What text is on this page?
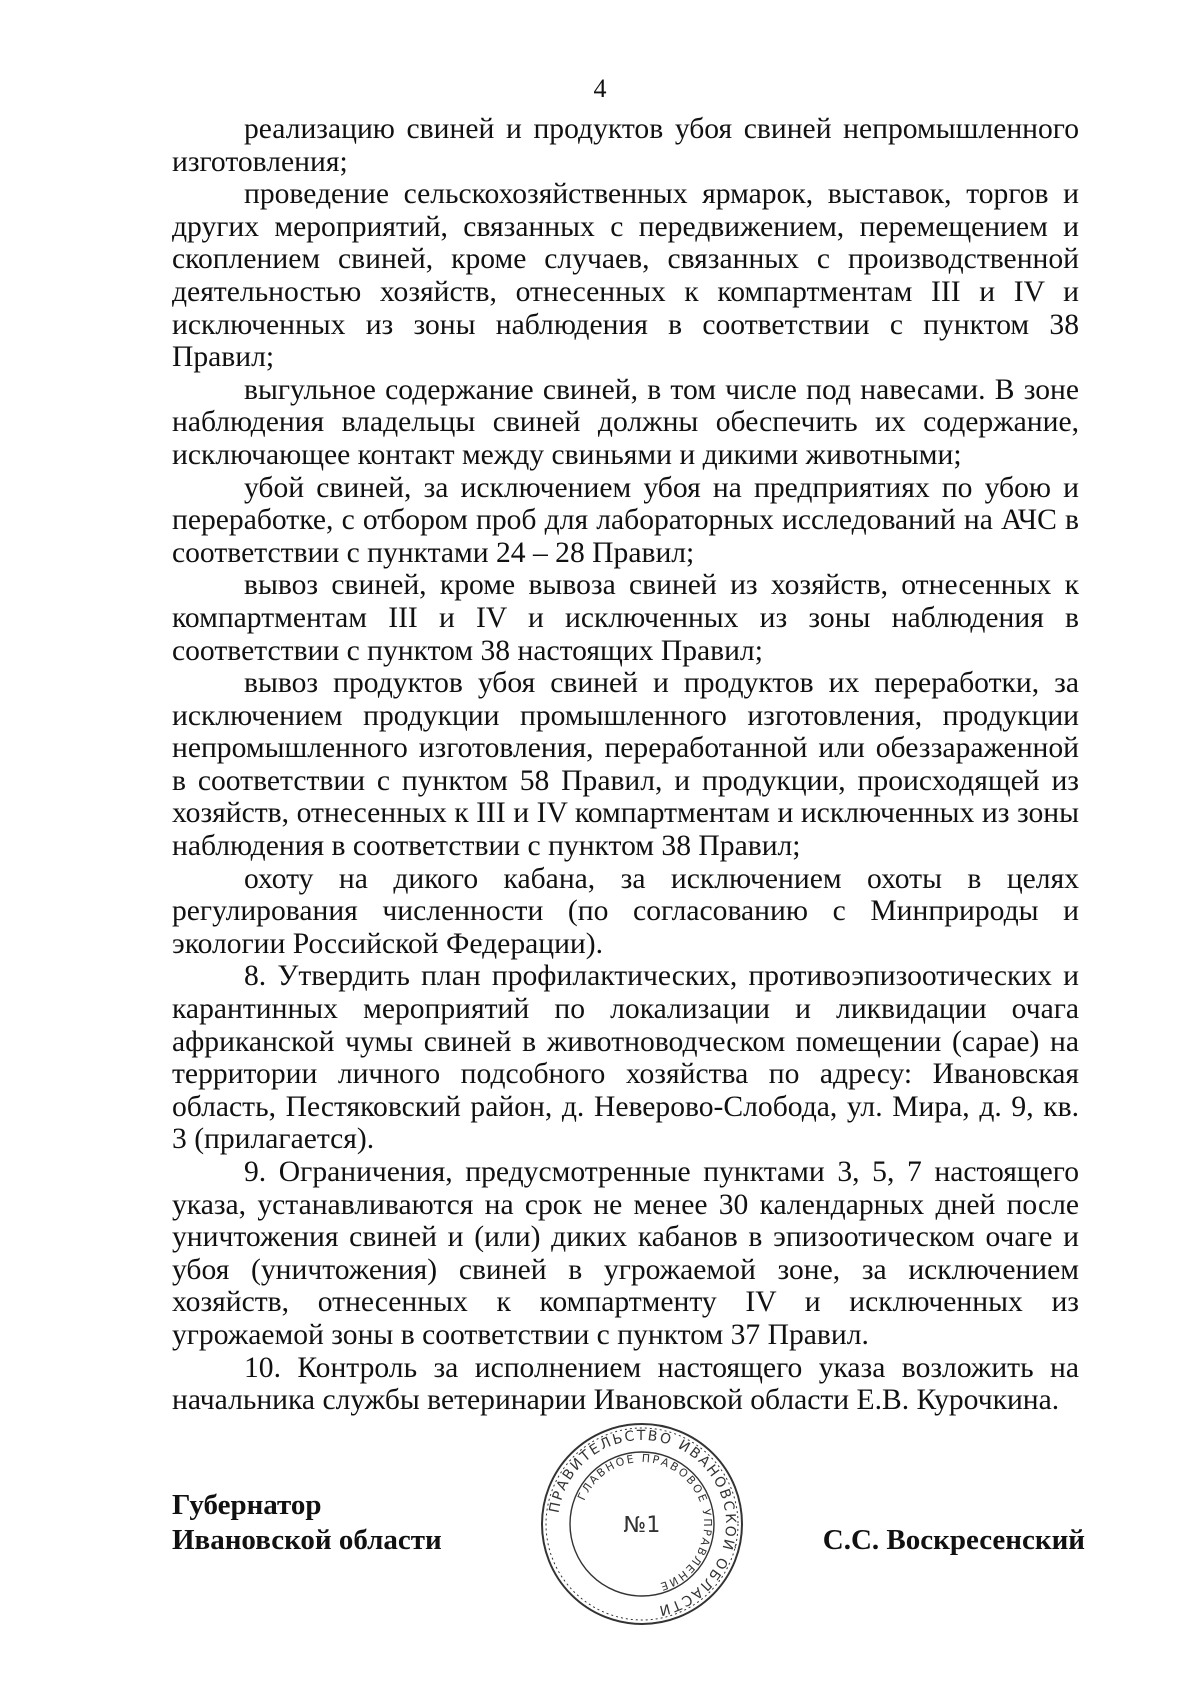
4

реализацию свиней и продуктов убоя свиней непромышленного изготовления;

проведение сельскохозяйственных ярмарок, выставок, торгов и других мероприятий, связанных с передвижением, перемещением и скоплением свиней, кроме случаев, связанных с производственной деятельностью хозяйств, отнесенных к компартментам III и IV и исключенных из зоны наблюдения в соответствии с пунктом 38 Правил;

выгульное содержание свиней, в том числе под навесами. В зоне наблюдения владельцы свиней должны обеспечить их содержание, исключающее контакт между свиньями и дикими животными;

убой свиней, за исключением убоя на предприятиях по убою и переработке, с отбором проб для лабораторных исследований на АЧС в соответствии с пунктами 24 – 28 Правил;

вывоз свиней, кроме вывоза свиней из хозяйств, отнесенных к компартментам III и IV и исключенных из зоны наблюдения в соответствии с пунктом 38 настоящих Правил;

вывоз продуктов убоя свиней и продуктов их переработки, за исключением продукции промышленного изготовления, продукции непромышленного изготовления, переработанной или обеззараженной в соответствии с пунктом 58 Правил, и продукции, происходящей из хозяйств, отнесенных к III и IV компартментам и исключенных из зоны наблюдения в соответствии с пунктом 38 Правил;

охоту на дикого кабана, за исключением охоты в целях регулирования численности (по согласованию с Минприроды и экологии Российской Федерации).

8. Утвердить план профилактических, противоэпизоотических и карантинных мероприятий по локализации и ликвидации очага африканской чумы свиней в животноводческом помещении (сарае) на территории личного подсобного хозяйства по адресу: Ивановская область, Пестяковский район, д. Неверово-Слобода, ул. Мира, д. 9, кв. 3 (прилагается).

9. Ограничения, предусмотренные пунктами 3, 5, 7 настоящего указа, устанавливаются на срок не менее 30 календарных дней после уничтожения свиней и (или) диких кабанов в эпизоотическом очаге и убоя (уничтожения) свиней в угрожаемой зоне, за исключением хозяйств, отнесенных к компартменту IV и исключенных из угрожаемой зоны в соответствии с пунктом 37 Правил.

10. Контроль за исполнением настоящего указа возложить на начальника службы ветеринарии Ивановской области Е.В. Курочкина.

Губернатор
Ивановской области
ПРАВИТЕЛЬСТВО ИВАНОВСКОЙ ОБЛАСТИ
ГЛАВНОЕ ПРАВОВОЕ УПРАВЛЕНИЕ
№1	С.С. Воскресенский
